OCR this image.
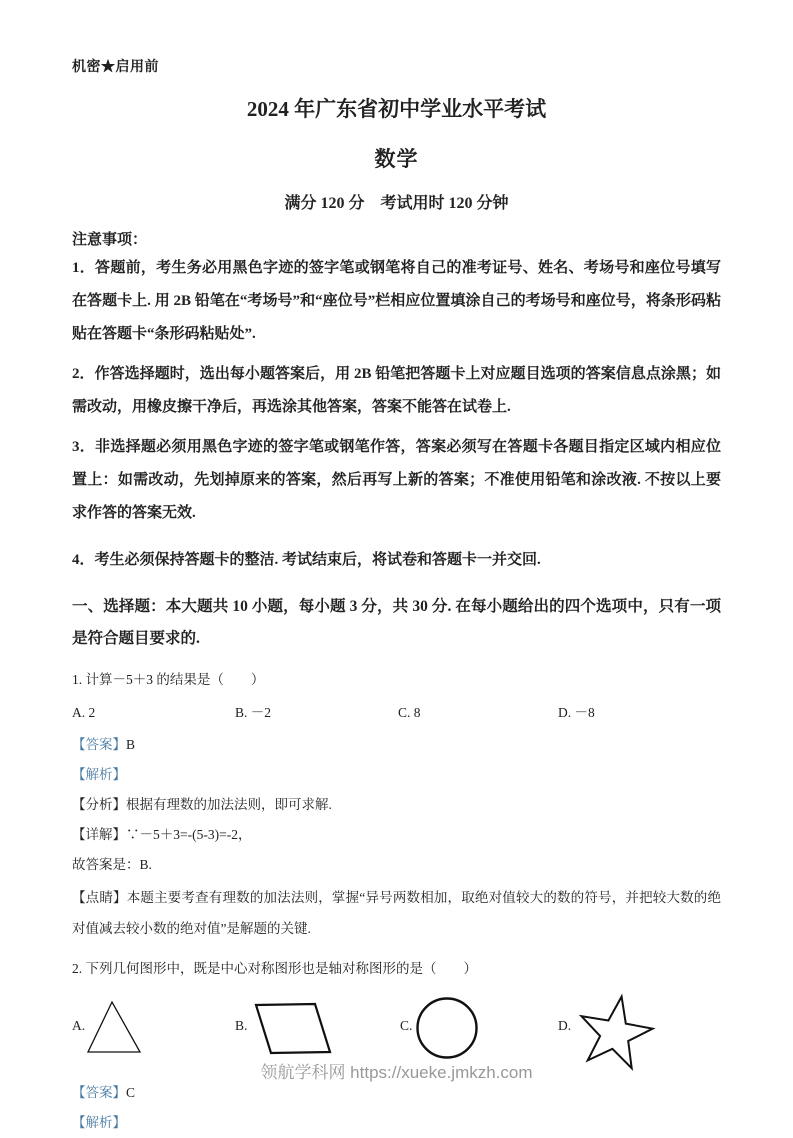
机密★启用前
2024 年广东省初中学业水平考试
数学
满分 120 分　考试用时 120 分钟
注意事项：

1．答题前，考生务必用黑色字迹的签字笔或钢笔将自己的准考证号、姓名、考场号和座位号填写在答题卡上. 用 2B 铅笔在“考场号”和“座位号”栏相应位置填涂自己的考场号和座位号，将条形码粘贴在答题卡“条形码粘贴处”.

2．作答选择题时，选出每小题答案后，用 2B 铅笔把答题卡上对应题目选项的答案信息点涂黑；如需改动，用橡皮擦干净后，再选涂其他答案，答案不能答在试卷上.

3．非选择题必须用黑色字迹的签字笔或钢笔作答，答案必须写在答题卡各题目指定区域内相应位置上：如需改动，先划掉原来的答案，然后再写上新的答案；不准使用铅笔和涂改液. 不按以上要求作答的答案无效.

4．考生必须保持答题卡的整洁. 考试结束后，将试卷和答题卡一并交回.

一、选择题：本大题共 10 小题，每小题 3 分，共 30 分. 在每小题给出的四个选项中，只有一项是符合题目要求的.

1. 计算－5＋3 的结果是（　　）

A. 2	B. －2	C. 8	D. －8

【答案】B

【解析】

【分析】根据有理数的加法法则，即可求解.

【详解】∵－5＋3=-(5-3)=-2，

故答案是：B.

【点睛】本题主要考查有理数的加法法则，掌握“异号两数相加，取绝对值较大的数的符号，并把较大数的绝对值减去较小数的绝对值”是解题的关键.

2. 下列几何图形中，既是中心对称图形也是轴对称图形的是（　　）

A.	B.	C.	D.

【答案】C

【解析】

领航学科网 https://xueke.jmkzh.com
